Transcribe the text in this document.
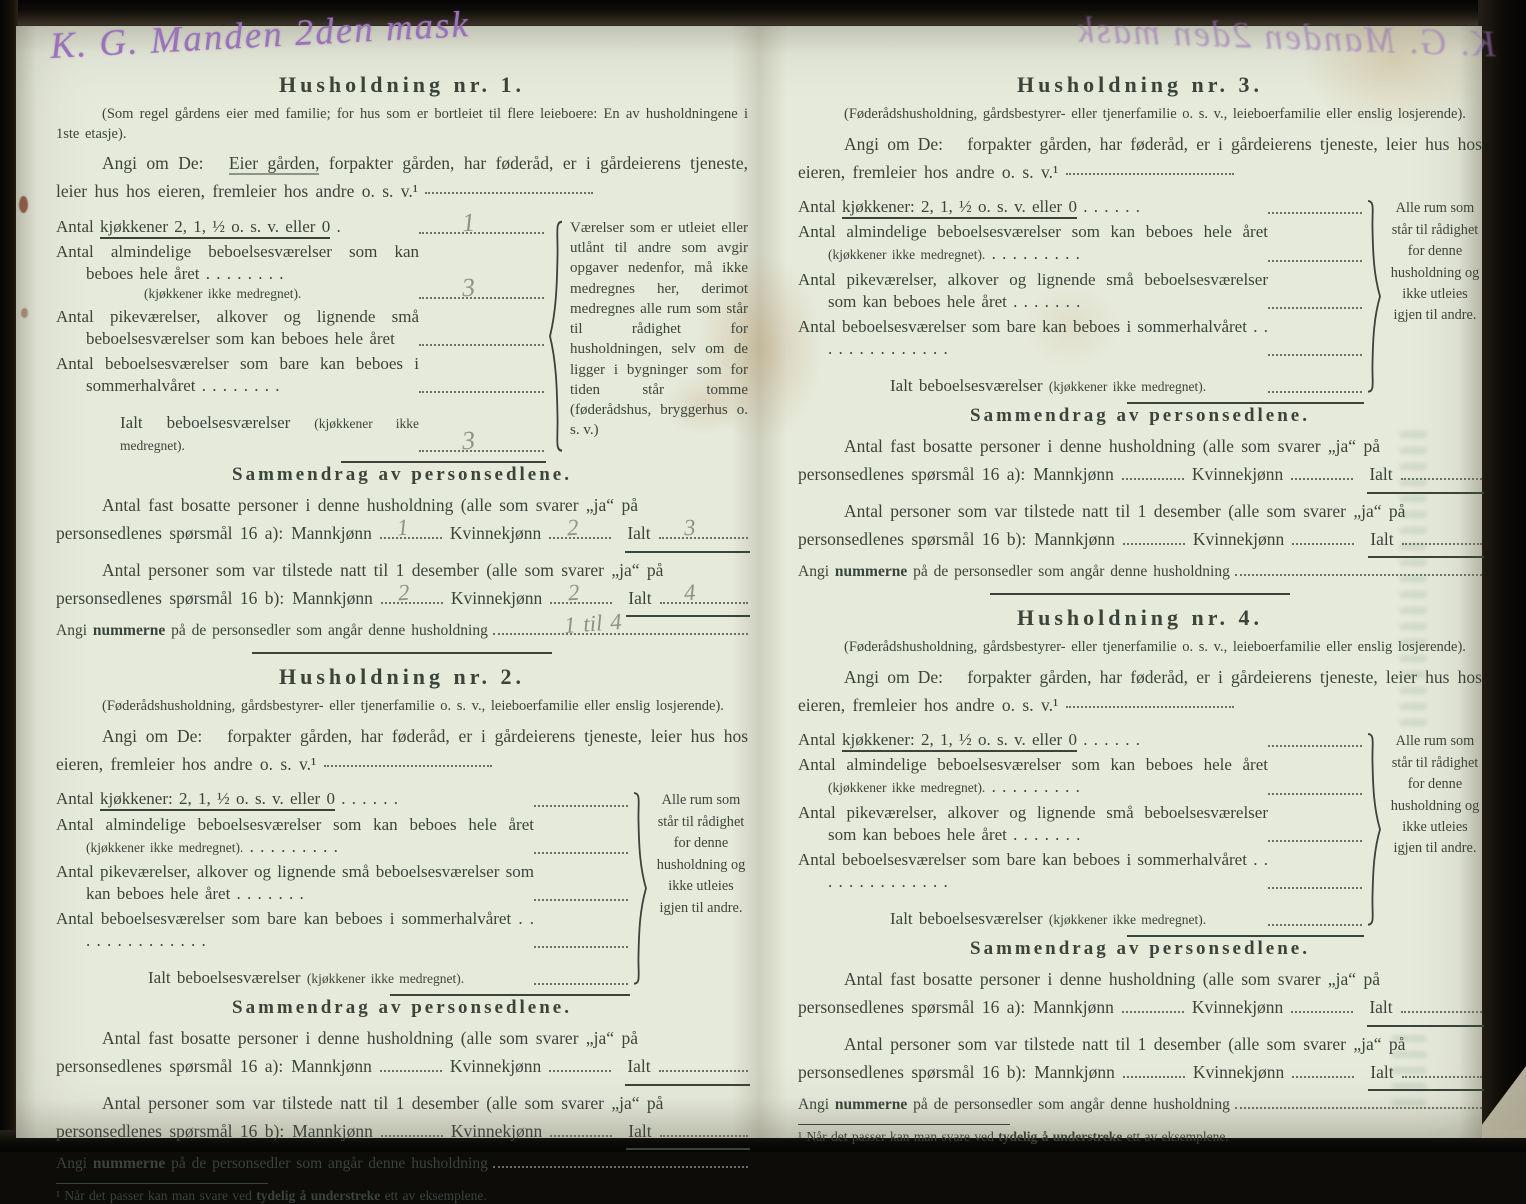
K. G. Manden 2den mask
Husholdning nr. 1.

(Som regel gårdens eier med familie; for hus som er bortleiet til flere leieboere: En av husholdningene i 1ste etasje).

Angi om De: Eier gården, forpakter gården, har føderåd, er i gårdeierens tjeneste, leier hus hos eieren, fremleier hos andre o. s. v.¹

Antal kjøkkener 2, 1, ½ o. s. v. eller 0 .	1
Antal almindelige beboelsesværelser som kan beboes hele året . . . . . . . .
(kjøkkener ikke medregnet).	3
Antal pikeværelser, alkover og lignende små beboelsesværelser som kan beboes hele året
Antal beboelsesværelser som bare kan beboes i sommerhalvåret . . . . . . . .
Ialt beboelsesværelser (kjøkkener ikke medregnet).	3
Værelser som er utleiet eller utlånt til andre som avgir opgaver nedenfor, må ikke medregnes her, derimot medregnes alle rum som står til rådighet for husholdningen, selv om de ligger i bygninger som for tiden står tomme (føderådshus, bryggerhus o. s. v.)
Sammendrag av personsedlene.

Antal fast bosatte personer i denne husholdning (alle som svarer „ja“ på

personsedlenes spørsmål 16 a): Mannkjønn 1 Kvinnekjønn 2	Ialt 3

Antal personer som var tilstede natt til 1 desember (alle som svarer „ja“ på

personsedlenes spørsmål 16 b): Mannkjønn 2 Kvinnekjønn 2	Ialt 4

Angi nummerne på de personsedler som angår denne husholdning	1 til 4

Husholdning nr. 2.

(Føderådshusholdning, gårdsbestyrer- eller tjenerfamilie o. s. v., leieboerfamilie eller enslig losjerende).

Angi om De: forpakter gården, har føderåd, er i gårdeierens tjeneste, leier hus hos eieren, fremleier hos andre o. s. v.¹

Antal kjøkkener: 2, 1, ½ o. s. v. eller 0 . . . . . .
Antal almindelige beboelsesværelser som kan beboes hele året (kjøkkener ikke medregnet). . . . . . . . . .
Antal pikeværelser, alkover og lignende små beboelsesværelser som kan beboes hele året . . . . . . .
Antal beboelsesværelser som bare kan beboes i sommerhalvåret . . . . . . . . . . . . . .
Ialt beboelsesværelser (kjøkkener ikke medregnet).
Alle rum som står til rådighet for denne husholdning og ikke utleies igjen til andre.
Sammendrag av personsedlene.

Antal fast bosatte personer i denne husholdning (alle som svarer „ja“ på

personsedlenes spørsmål 16 a): Mannkjønn	Kvinnekjønn	Ialt

Antal personer som var tilstede natt til 1 desember (alle som svarer „ja“ på

personsedlenes spørsmål 16 b): Mannkjønn	Kvinnekjønn	Ialt

Angi nummerne på de personsedler som angår denne husholdning

¹ Når det passer kan man svare ved tydelig å understreke ett av eksemplene.

K. G. Manden 2den mask
Husholdning nr. 3.

(Føderådshusholdning, gårdsbestyrer- eller tjenerfamilie o. s. v., leieboerfamilie eller enslig losjerende).

Angi om De: forpakter gården, har føderåd, er i gårdeierens tjeneste, leier hus hos eieren, fremleier hos andre o. s. v.¹

Antal kjøkkener: 2, 1, ½ o. s. v. eller 0 . . . . . .
Antal almindelige beboelsesværelser som kan beboes hele året (kjøkkener ikke medregnet). . . . . . . . . .
Antal pikeværelser, alkover og lignende små beboelsesværelser som kan beboes hele året . . . . . . .
Antal beboelsesværelser som bare kan beboes i sommerhalvåret . . . . . . . . . . . . . .
Ialt beboelsesværelser (kjøkkener ikke medregnet).
Alle rum som står til rådighet for denne husholdning og ikke utleies igjen til andre.
Sammendrag av personsedlene.

Antal fast bosatte personer i denne husholdning (alle som svarer „ja“ på

personsedlenes spørsmål 16 a): Mannkjønn	Kvinnekjønn	Ialt

Antal personer som var tilstede natt til 1 desember (alle som svarer „ja“ på

personsedlenes spørsmål 16 b): Mannkjønn	Kvinnekjønn	Ialt

Angi nummerne på de personsedler som angår denne husholdning

Husholdning nr. 4.

(Føderådshusholdning, gårdsbestyrer- eller tjenerfamilie o. s. v., leieboerfamilie eller enslig losjerende).

Angi om De: forpakter gården, har føderåd, er i gårdeierens tjeneste, leier hus hos eieren, fremleier hos andre o. s. v.¹

Antal kjøkkener: 2, 1, ½ o. s. v. eller 0 . . . . . .
Antal almindelige beboelsesværelser som kan beboes hele året (kjøkkener ikke medregnet). . . . . . . . . .
Antal pikeværelser, alkover og lignende små beboelsesværelser som kan beboes hele året . . . . . . .
Antal beboelsesværelser som bare kan beboes i sommerhalvåret . . . . . . . . . . . . . .
Ialt beboelsesværelser (kjøkkener ikke medregnet).
Alle rum som står til rådighet for denne husholdning og ikke utleies igjen til andre.
Sammendrag av personsedlene.

Antal fast bosatte personer i denne husholdning (alle som svarer „ja“ på

personsedlenes spørsmål 16 a): Mannkjønn	Kvinnekjønn	Ialt

Antal personer som var tilstede natt til 1 desember (alle som svarer „ja“ på

personsedlenes spørsmål 16 b): Mannkjønn	Kvinnekjønn	Ialt

Angi nummerne på de personsedler som angår denne husholdning

¹ Når det passer kan man svare ved tydelig å understreke ett av eksemplene.
